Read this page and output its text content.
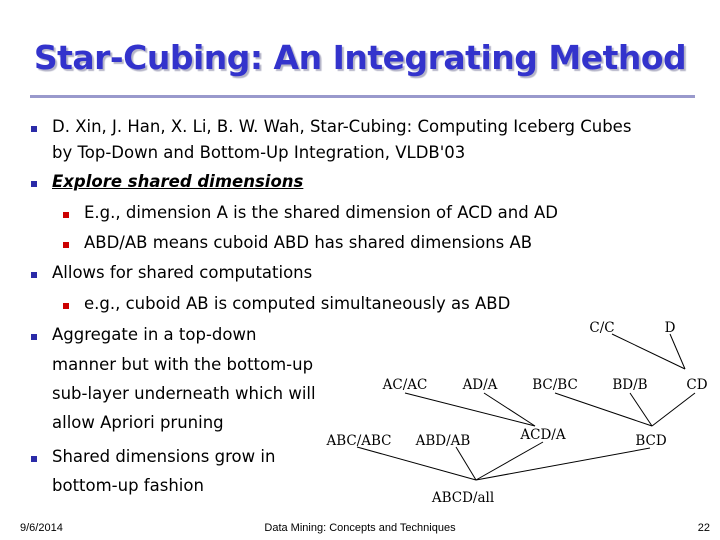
Star-Cubing: An Integrating Method
D. Xin, J. Han, X. Li, B. W. Wah, Star-Cubing: Computing Iceberg Cubes
by Top-Down and Bottom-Up Integration, VLDB'03
Explore shared dimensions
E.g., dimension A is the shared dimension of ACD and AD
ABD/AB means cuboid ABD has shared dimensions AB
Allows for shared computations
e.g., cuboid AB is computed simultaneously as ABD
Aggregate in a top-down
manner but with the bottom-up
sub-layer underneath which will
allow Apriori pruning
Shared dimensions grow in
bottom-up fashion
C/C	D
AC/AC	AD/A	BC/BC	BD/B	CD
ABC/ABC ABD/AB	ACD/A	BCD
ABCD/all
9/6/2014	Data Mining: Concepts and Techniques	22
